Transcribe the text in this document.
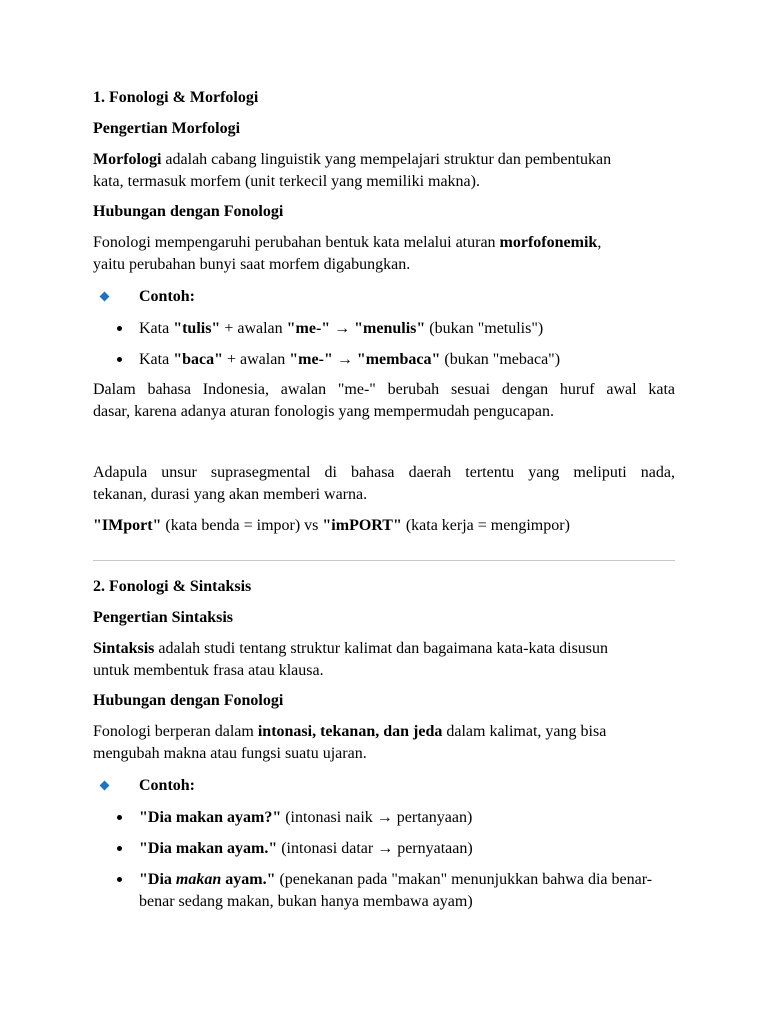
1. Fonologi & Morfologi
Pengertian Morfologi

Morfologi adalah cabang linguistik yang mempelajari struktur dan pembentukan

kata, termasuk morfem (unit terkecil yang memiliki makna).

Hubungan dengan Fonologi

Fonologi mempengaruhi perubahan bentuk kata melalui aturan morfofonemik,

yaitu perubahan bunyi saat morfem digabungkan.

Contoh:

Kata "tulis" + awalan "me-" → "menulis" (bukan "metulis")

Kata "baca" + awalan "me-" → "membaca" (bukan "mebaca")

Dalam bahasa Indonesia, awalan "me-" berubah sesuai dengan huruf awal kata

dasar, karena adanya aturan fonologis yang mempermudah pengucapan.

Adapula unsur suprasegmental di bahasa daerah tertentu yang meliputi nada,

tekanan, durasi yang akan memberi warna.

"IMport" (kata benda = impor) vs "imPORT" (kata kerja = mengimpor)

2. Fonologi & Sintaksis
Pengertian Sintaksis

Sintaksis adalah studi tentang struktur kalimat dan bagaimana kata-kata disusun

untuk membentuk frasa atau klausa.

Hubungan dengan Fonologi

Fonologi berperan dalam intonasi, tekanan, dan jeda dalam kalimat, yang bisa

mengubah makna atau fungsi suatu ujaran.

Contoh:

"Dia makan ayam?" (intonasi naik → pertanyaan)

"Dia makan ayam." (intonasi datar → pernyataan)

"Dia makan ayam." (penekanan pada "makan" menunjukkan bahwa dia benar-benar sedang makan, bukan hanya membawa ayam)
